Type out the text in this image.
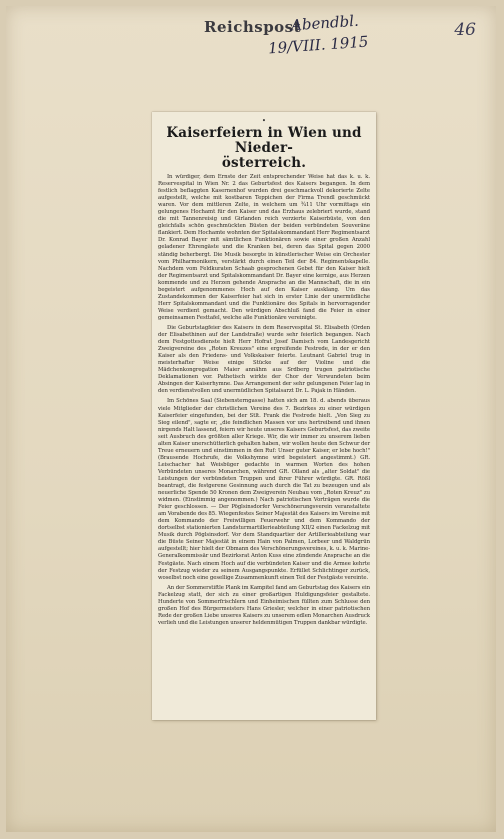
Reichspost
Abendbl.
19/VIII. 1915
46
•
Kaiserfeiern in Wien und Nieder-
österreich.

In würdiger, dem Ernste der Zeit entsprechender Weise hat das k. u. k. Reservespital in Wien Nr. 2 das Geburtsfest des Kaisers begangen. In dem festlich beflaggten Kasernenhof wurden drei geschmackvoll dekorierte Zelte aufgestellt, welche mit kostbaren Teppichen der Firma Trendl geschmückt waren. Vor dem mittleren Zelte, in welchem um ¾11 Uhr vormittags ein gelungenes Hochamt für den Kaiser und das Erzhaus zelebriert wurde, stand die mit Tannenreisig und Girlanden reich verzierte Kaiserbüste, von den gleichfalls schön geschmückten Büsten der beiden verbündeten Souveräne flankiert. Dem Hochamte wohnten der Spitalskommandant Herr Regimentsarzt Dr. Konrad Bayer mit sämtlichen Funktionären sowie einer großen Anzahl geladener Ehrengäste und die Kranken bei, deren das Spital gegen 2000 ständig beherbergt. Die Musik besorgte in künstlerischer Weise ein Orchester vom Philharmonikern, verstärkt durch einen Teil der 84. Regimentskapelle. Nachdem vom Feldkuraten Schaab gesprochenen Gebet für den Kaiser hielt der Regimentsarzt und Spitalskommandant Dr. Bayer eine kernige, aus Herzen kommende und zu Herzen gehende Ansprache an die Mannschaft, die in ein begeistert aufgenommenes Hoch auf den Kaiser ausklang. Um das Zustandekommen der Kaiserfeier hat sich in erster Linie der unermüdliche Herr Spitalskommandant und die Funktionäre des Spitals in hervorragender Weise verdient gemacht. Den würdigen Abschluß fand die Feier in einer gemeinsamen Festtafel, welche alle Funktionäre vereinigte.

Die Geburtstagfeier des Kaisers in dem Reservespital St. Elisabeth (Orden der Elisabethinen auf der Landstraße) wurde sehr feierlich begangen. Nach dem Festgottesdienste hielt Herr Hofrat Josef Damisch vom Landesgericht Zweigvereine des „Roten Kreuzes" eine ergreifende Festrede, in der er den Kaiser als den Friedens- und Volkskaiser feierte. Leutnant Gabriel trug in meisterhafter Weise einige Stücke auf der Violine und die Mädchenkongregation Maier annähm aus Srdberg trugen patriotische Deklamationen vor. Pathetisch wirkte der Chor der Verwundeten beim Absingen der Kaiserhymne. Das Arrangement der sehr gelungenen Feier lag in den verdienstvollen und unermüdlichen Spitalsarzt Dr. L. Pajak in Händen.

Im Schönes Saal (Siebensterngasse) hatten sich am 18. d. abends überaus viele Mitglieder der christlichen Vereine des 7. Bezirkes zu einer würdigen Kaiserfeier eingefunden, bei der Stlt. Frank die Festrede hielt. „Von Sieg zu Sieg eilend", sagte er, „die feindlichen Massen vor uns hertreibend und ihnen nirgends Halt lassend, feiern wir heute unseres Kaisers Geburtsfest, das zweite seit Ausbruch des größten aller Kriege. Wir, die wir immer zu unserem lieben alten Kaiser unerschütterlich gehalten haben, wir wollen heute den Schwur der Treue erneuern und einstimmen in den Ruf: Unser guter Kaiser, er lebe hoch!" (Brausende Hochrufe, die Volkshymne wird begeistert angestimmt.) GR. Leischacher hat Weisbüger gedachte in warmen Worten des hohen Verbündeten unseres Monarchen, während GR. Olland als „alter Soldat" die Leistungen der verbündeten Truppen und ihrer Führer würdigte. GR. Rößl beantragt, die festgerene Gesinnung auch durch die Tat zu bezeugen und als neuerliche Spende 50 Kronen dem Zweigverein Neubau vom „Roten Kreuz" zu widmen. (Einstimmig angenommen.) Nach patriotischen Vorträgen wurde die Feier geschlossen. — Der Pöglsinsdorfer Verschönerungsverein veranstaltete am Vorabende des 85. Wiegenfestes Seiner Majestät des Kaisers im Vereine mit dem Kommando der Freiwilligen Feuerwehr und dem Kommando der dortselbst stationierten Landsturmartillerieabteilung XII/2 einen Fackelzug mit Musik durch Pöglsinsdorf. Vor dem Standquartier der Artillerieabteilung war die Büste Seiner Majestät in einem Hain von Palmen, Lorbeer und Waldgrün aufgestellt; hier hielt der Obmann des Verschönerungsvereines, k. u. k. Marine-Generalkommissär und Bezirksrat Anton Kuss eine zündende Ansprache an die Festgäste. Nach einem Hoch auf die verbündeten Kaiser und die Armee kehrte der Festzug wieder zu seinem Ausgangspunkte. Erfüllet Schlichtinger zurück, woselbst noch eine gesellige Zusammenkunft einen Teil der Festgäste vereinte.

An der Sommerstiftle Plank im Kampitel fand am Geburtstag des Kaisers ein Fackelzug statt, der sich zu einer großartigen Huldigungsfeier gestaltete. Hunderte von Sommerfrischlern und Einheimischen füllten zum Schlusse den großen Hof des Bürgermeisters Hans Griesler, welcher in einer patriotischen Rede der großen Liebe unseres Kaisers zu unserem edlen Monarchen Ausdruck verlieh und die Leistungen unserer heldenmütigen Truppen dankbar würdigte.
